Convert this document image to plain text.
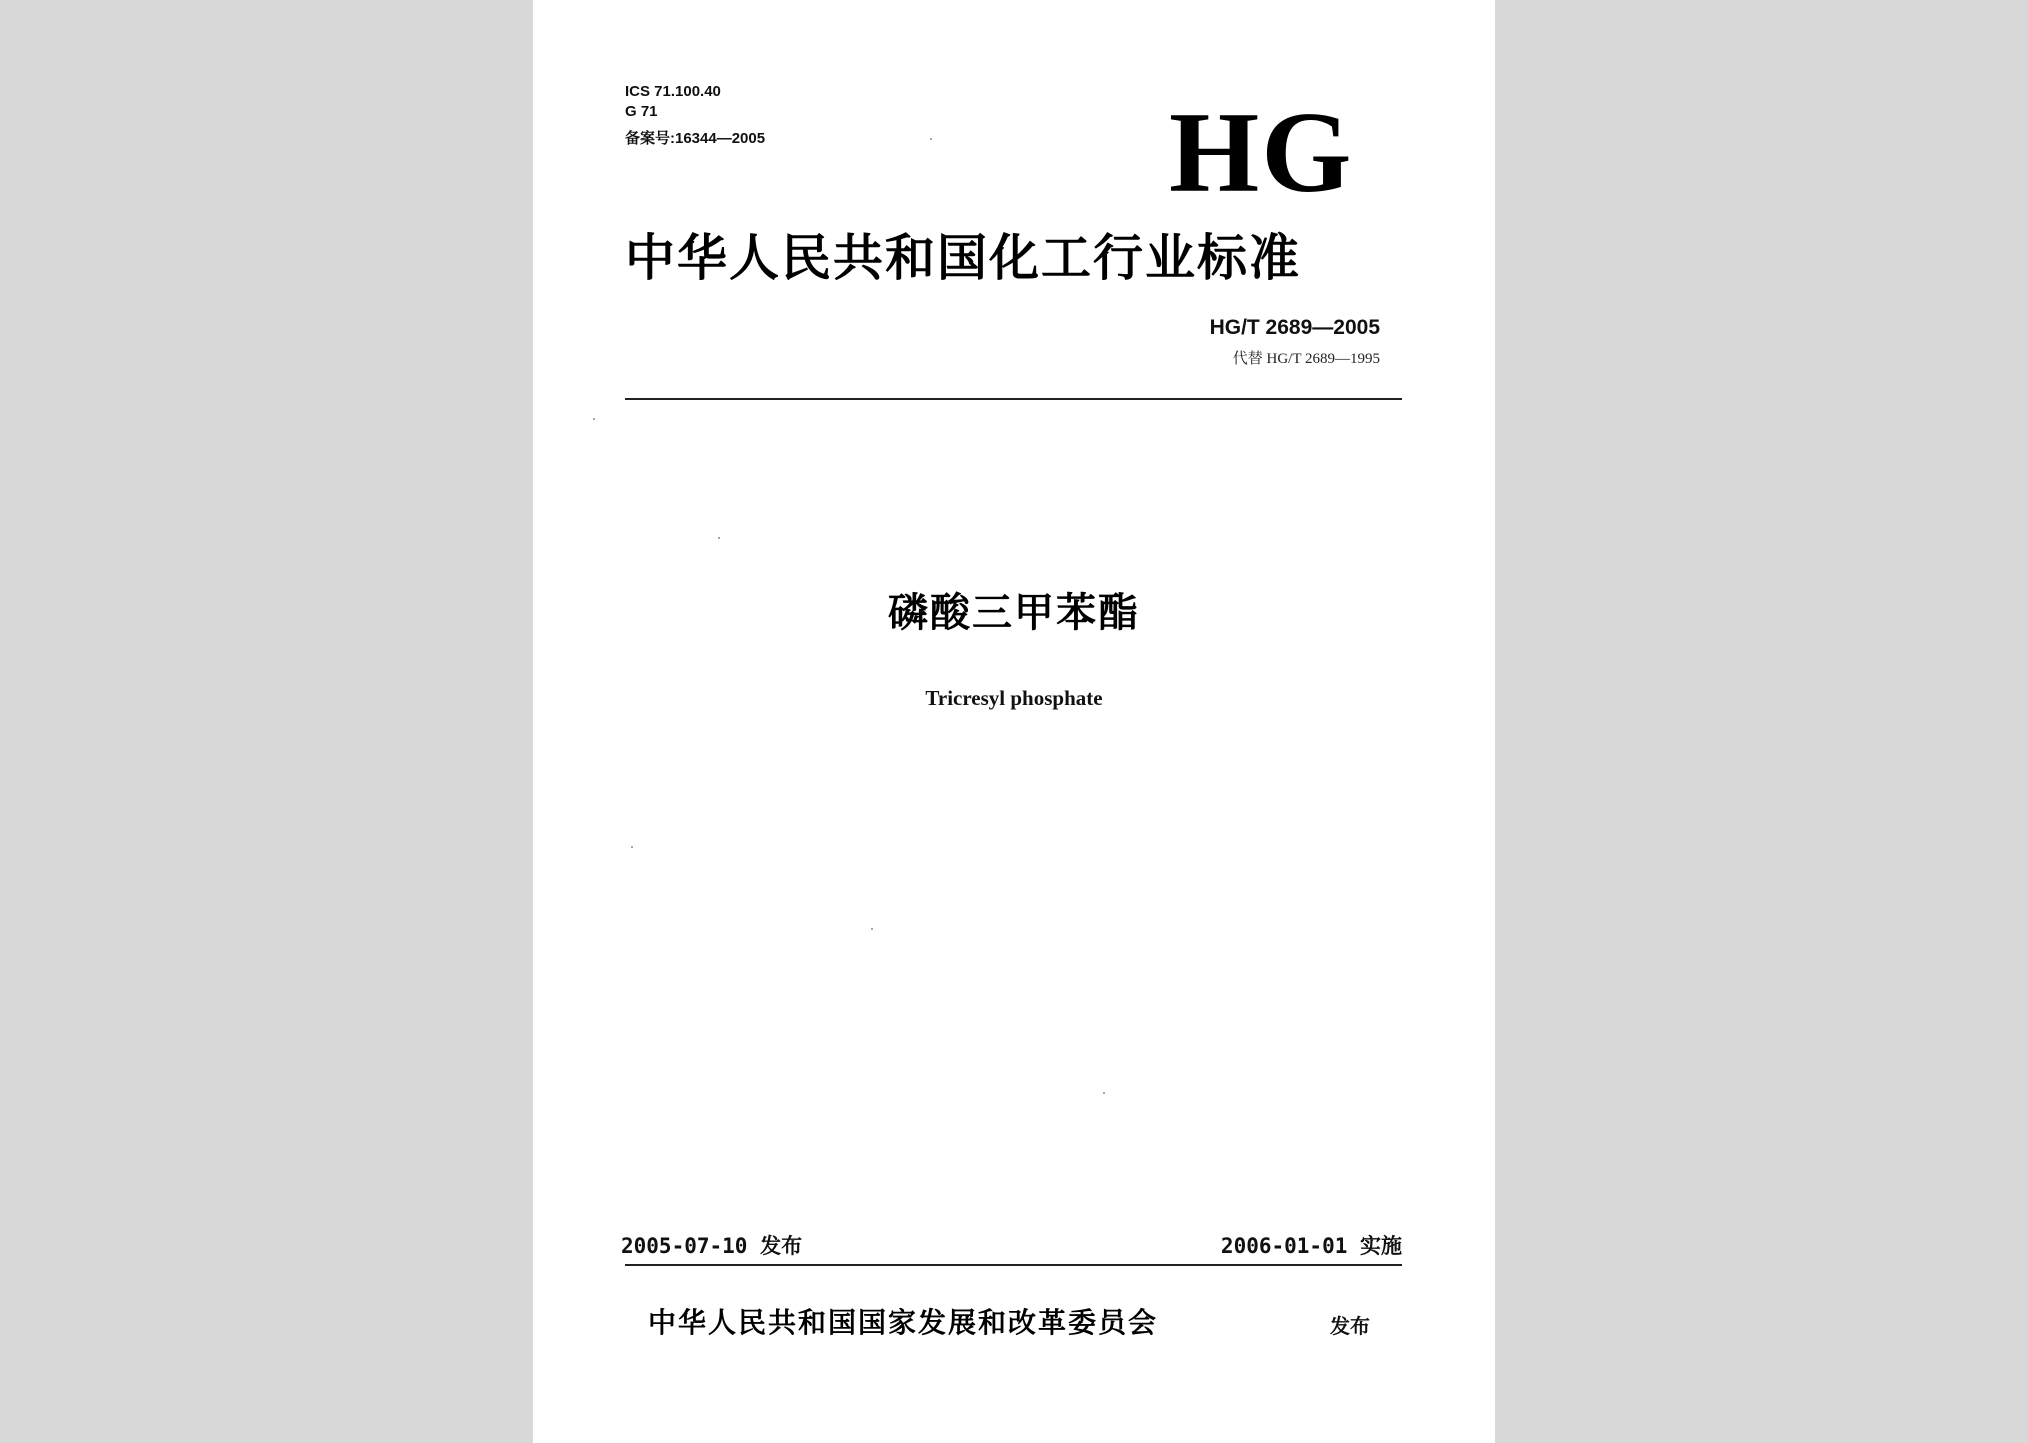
ICS 71.100.40
G 71
备案号:16344—2005	HG
中华人民共和国化工行业标准
HG/T 2689—2005
代替 HG/T 2689—1995
磷酸三甲苯酯
Tricresyl phosphate
2005-07-10 发布	2006-01-01 实施
中华人民共和国国家发展和改革委员会	发布
